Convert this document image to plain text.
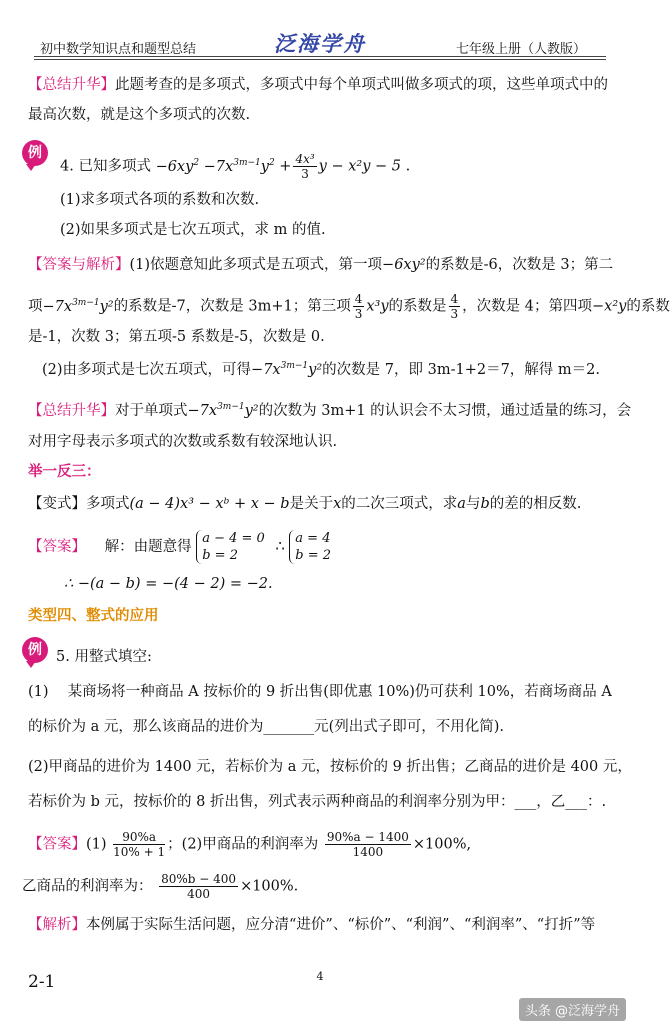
初中数学知识点和题型总结	泛海学舟	七年级上册（人教版）
【总结升华】此题考查的是多项式，多项式中每个单项式叫做多项式的项，这些单项式中的
最高次数，就是这个多项式的次数.
例
4. 已知多项式 $-6xy^2 -7x^{3m-1}y^2 + \frac{\text{4x³}}{3}$ y − x²y − 5 .
(1)求多项式各项的系数和次数.
(2)如果多项式是七次五项式，求 m 的值.
【答案与解析】(1)依题意知此多项式是五项式，第一项−6xy²的系数是-6，次数是 3；第二
项$-7x^{3m-1}y^2$的系数是-7，次数是 3m+1；第三项 $\frac{4}{3} x^3y$的系数是 $\frac{4}{3}$ ，次数是 4；第四项−x²y的系数
是-1，次数 3；第五项-5 系数是-5，次数是 0.
(2)由多项式是七次五项式，可得$-7x^{3m-1}y^2$的次数是 7，即 3m-1+2＝7，解得 m＝2.
【总结升华】对于单项式$-7x^{3m-1}y^2$的次数为 3m+1 的认识会不太习惯，通过适量的练习，会
对用字母表示多项式的次数或系数有较深地认识.
举一反三：
【变式】多项式(a − 4)x³ − xᵇ + x − b是关于x的二次三项式，求a与b的差的相反数.
【答案】 解：由题意得
a − 4 = 0
b = 2
∴
a = 4
b = 2
∴ −(a − b) = −(4 − 2) = −2.
类型四、整式的应用
例 5. 用整式填空:
(1)　 某商场将一种商品 A 按标价的 9 折出售(即优惠 10%)仍可获利 10%，若商场商品 A
的标价为 a 元，那么该商品的进价为_______元(列出式子即可，不用化简).
(2)甲商品的进价为 1400 元，若标价为 a 元，按标价的 9 折出售；乙商品的进价是 400 元，
若标价为 b 元，按标价的 8 折出售，列式表示两种商品的利润率分别为甲：___，乙___：.
【答案】$(1) \frac{90\%a}{10\% + 1}$ ；(2)甲商品的利润率为 $\frac{90\%a - 1400}{1400} \times 100\%$,
乙商品的利润率为： $\frac{80\%b - 400}{400} \times 100\%$.
【解析】本例属于实际生活问题，应分清“进价”、“标价”、“利润”、“利润率”、“打折”等
2-1	4
头条 @泛海学舟
